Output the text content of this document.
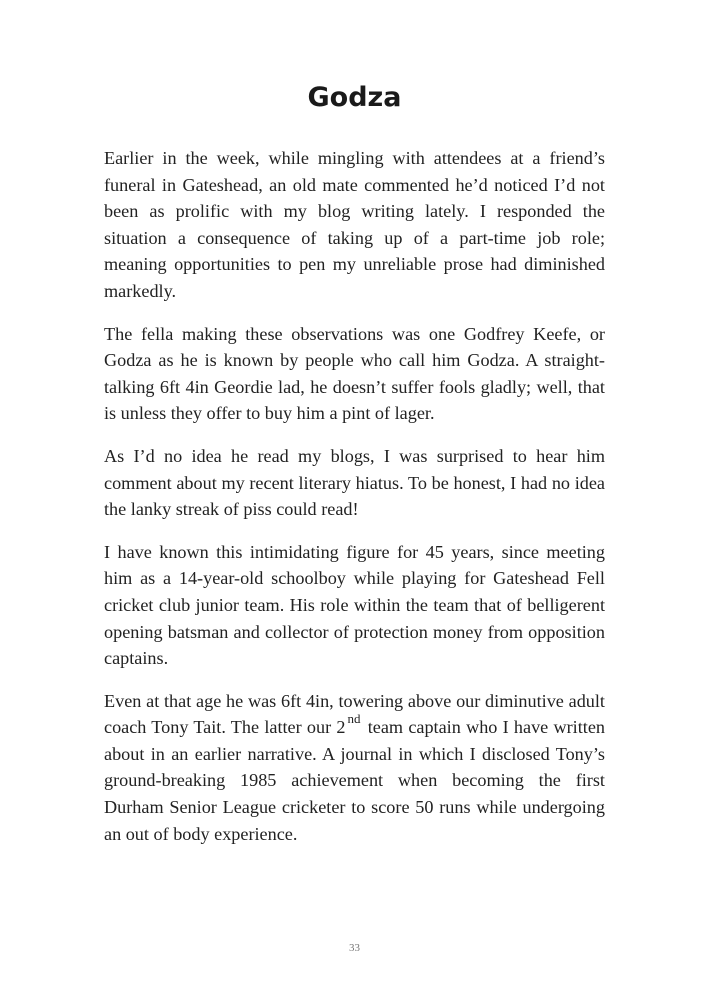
Godza

Earlier in the week, while mingling with attendees at a friend’s funeral in Gateshead, an old mate commented he’d noticed I’d not been as prolific with my blog writing lately. I responded the situation a consequence of taking up of a part-time job role; meaning opportunities to pen my unreliable prose had diminished markedly.

The fella making these observations was one Godfrey Keefe, or Godza as he is known by people who call him Godza. A straight-talking 6ft 4in Geordie lad, he doesn’t suffer fools gladly; well, that is unless they offer to buy him a pint of lager.

As I’d no idea he read my blogs, I was surprised to hear him comment about my recent literary hiatus. To be honest, I had no idea the lanky streak of piss could read!

I have known this intimidating figure for 45 years, since meeting him as a 14-year-old schoolboy while playing for Gateshead Fell cricket club junior team. His role within the team that of belligerent opening batsman and collector of protection money from opposition captains.

Even at that age he was 6ft 4in, towering above our diminutive adult coach Tony Tait. The latter our 2 $^{nd}$ team captain who I have written about in an earlier narrative. A journal in which I disclosed Tony’s ground-breaking 1985 achievement when becoming the first Durham Senior League cricketer to score 50 runs while undergoing an out of body experience.

33
